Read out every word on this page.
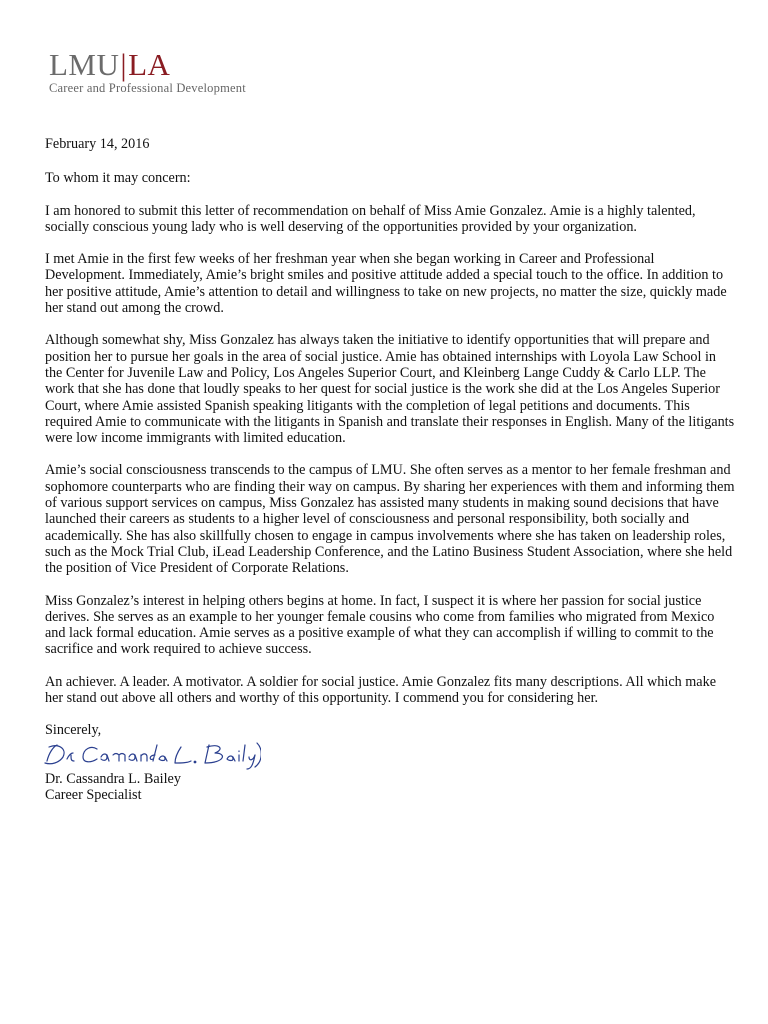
LMU|LA
Career and Professional Development

February 14, 2016

To whom it may concern:

I am honored to submit this letter of recommendation on behalf of Miss Amie Gonzalez. Amie is a highly talented, socially conscious young lady who is well deserving of the opportunities provided by your organization.

I met Amie in the first few weeks of her freshman year when she began working in Career and Professional Development. Immediately, Amie’s bright smiles and positive attitude added a special touch to the office. In addition to her positive attitude, Amie’s attention to detail and willingness to take on new projects, no matter the size, quickly made her stand out among the crowd.

Although somewhat shy, Miss Gonzalez has always taken the initiative to identify opportunities that will prepare and position her to pursue her goals in the area of social justice. Amie has obtained internships with Loyola Law School in the Center for Juvenile Law and Policy, Los Angeles Superior Court, and Kleinberg Lange Cuddy & Carlo LLP. The work that she has done that loudly speaks to her quest for social justice is the work she did at the Los Angeles Superior Court, where Amie assisted Spanish speaking litigants with the completion of legal petitions and documents. This required Amie to communicate with the litigants in Spanish and translate their responses in English. Many of the litigants were low income immigrants with limited education.

Amie’s social consciousness transcends to the campus of LMU. She often serves as a mentor to her female freshman and sophomore counterparts who are finding their way on campus. By sharing her experiences with them and informing them of various support services on campus, Miss Gonzalez has assisted many students in making sound decisions that have launched their careers as students to a higher level of consciousness and personal responsibility, both socially and academically. She has also skillfully chosen to engage in campus involvements where she has taken on leadership roles, such as the Mock Trial Club, iLead Leadership Conference, and the Latino Business Student Association, where she held the position of Vice President of Corporate Relations.

Miss Gonzalez’s interest in helping others begins at home. In fact, I suspect it is where her passion for social justice derives. She serves as an example to her younger female cousins who come from families who migrated from Mexico and lack formal education. Amie serves as a positive example of what they can accomplish if willing to commit to the sacrifice and work required to achieve success.

An achiever. A leader. A motivator. A soldier for social justice. Amie Gonzalez fits many descriptions. All which make her stand out above all others and worthy of this opportunity. I commend you for considering her.

Sincerely,

Dr. Cassandra L. Bailey

Career Specialist
